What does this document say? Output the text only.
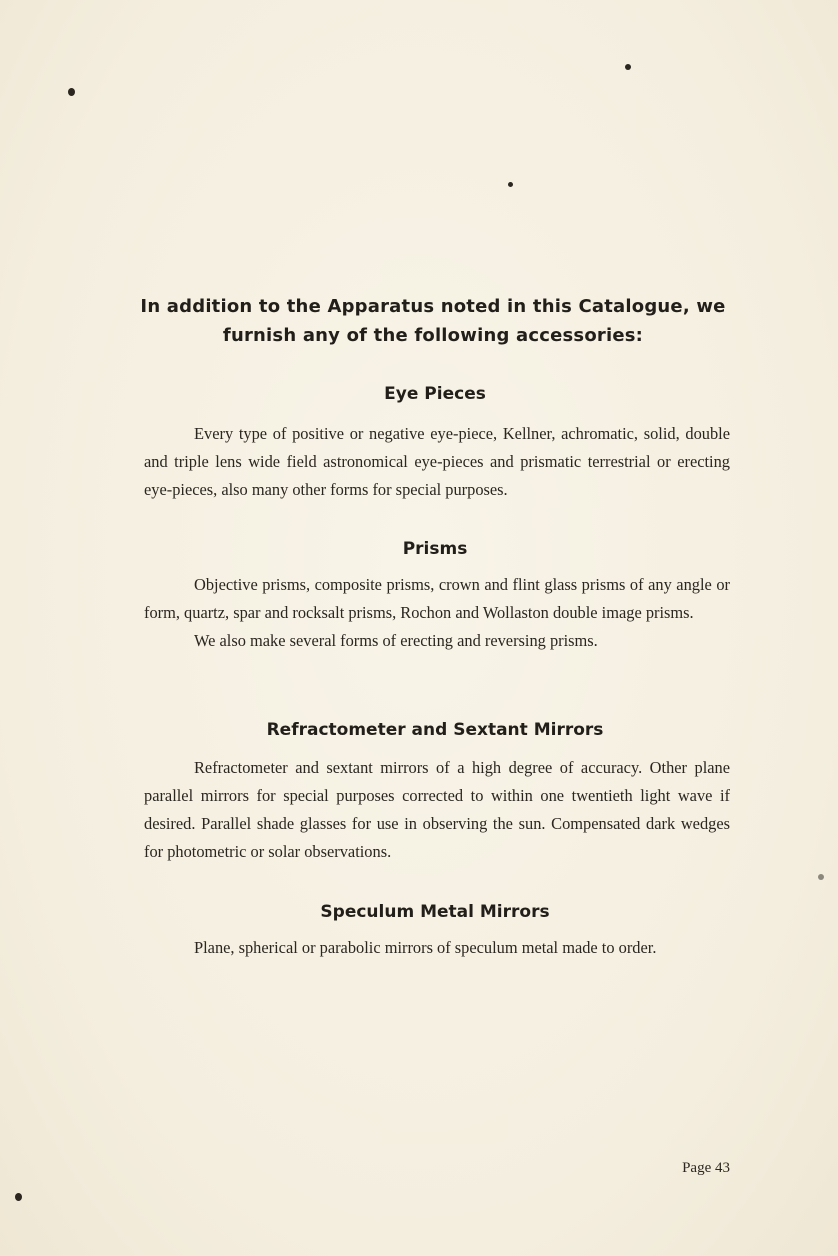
In addition to the Apparatus noted in this Catalogue, we
furnish any of the following accessories:
Eye Pieces

Every type of positive or negative eye-piece, Kellner, achromatic, solid, double and triple lens wide field astronomical eye-pieces and prismatic terrestrial or erecting eye-pieces, also many other forms for special purposes.

Prisms

Objective prisms, composite prisms, crown and flint glass prisms of any angle or form, quartz, spar and rocksalt prisms, Rochon and Wollaston double image prisms.

We also make several forms of erecting and reversing prisms.

Refractometer and Sextant Mirrors

Refractometer and sextant mirrors of a high degree of accuracy. Other plane parallel mirrors for special purposes corrected to within one twentieth light wave if desired. Parallel shade glasses for use in observing the sun. Compensated dark wedges for photometric or solar observations.

Speculum Metal Mirrors

Plane, spherical or parabolic mirrors of speculum metal made to order.

Page 43
